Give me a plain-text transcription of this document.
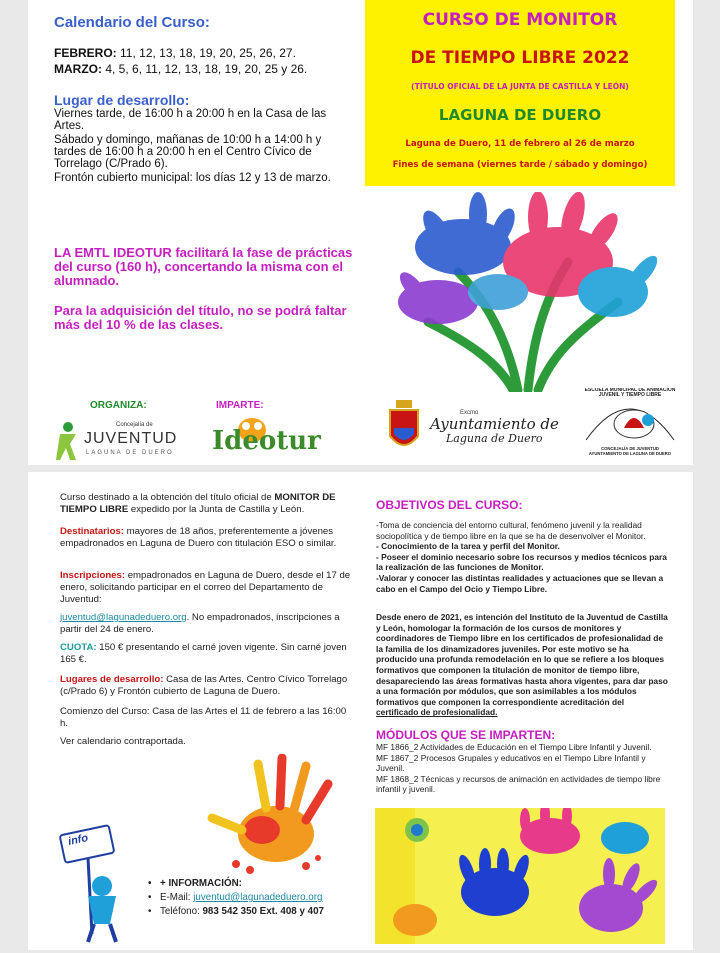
Calendario del Curso:
FEBRERO: 11, 12, 13, 18, 19, 20, 25, 26, 27.
MARZO: 4, 5, 6, 11, 12, 13, 18, 19, 20, 25 y 26.
Lugar de desarrollo:
Viernes tarde, de 16:00 h a 20:00 h en la Casa de las Artes.
Sábado y domingo, mañanas de 10:00 h a 14:00 h y tardes de 16:00 h a 20:00 h en el Centro Cívico de Torrelago (C/Prado 6).
Frontón cubierto municipal: los días 12 y 13 de marzo.
LA EMTL IDEOTUR facilitará la fase de prácticas del curso (160 h), concertando la misma con el alumnado.
Para la adquisición del título, no se podrá faltar más del 10 % de las clases.
CURSO DE MONITOR
DE TIEMPO LIBRE 2022
(TÍTULO OFICIAL DE LA JUNTA DE CASTILLA Y LEÓN)
LAGUNA DE DUERO
Laguna de Duero, 11 de febrero al 26 de marzo
Fines de semana (viernes tarde / sábado y domingo)
ORGANIZA:	IMPARTE:
Concejalía de
JUVENTUD
LAGUNA DE DUERO Ideotur
Excmo
Ayuntamiento de
Laguna de Duero
ESCUELA MUNICIPAL DE ANIMACIÓN JUVENIL Y TIEMPO LIBRE
CONCEJALÍA DE JUVENTUD
AYUNTAMIENTO DE LAGUNA DE DUERO
Curso destinado a la obtención del título oficial de MONITOR DE TIEMPO LIBRE expedido por la Junta de Castilla y León.
Destinatarios: mayores de 18 años, preferentemente a jóvenes empadronados en Laguna de Duero con titulación ESO o similar.
Inscripciones: empadronados en Laguna de Duero, desde el 17 de enero, solicitando participar en el correo del Departamento de Juventud:
juventud@lagunadeduero.org. No empadronados, inscripciones a partir del 24 de enero.
CUOTA: 150 € presentando el carné joven vigente. Sin carné joven 165 €.
Lugares de desarrollo: Casa de las Artes. Centro Cívico Torrelago (c/Prado 6) y Frontón cubierto de Laguna de Duero.
Comienzo del Curso: Casa de las Artes el 11 de febrero a las 16:00 h.
Ver calendario contraportada.
info
• + INFORMACIÓN:
• E-Mail: juventud@lagunadeduero.org
• Teléfono: 983 542 350 Ext. 408 y 407
OBJETIVOS DEL CURSO:
-Toma de conciencia del entorno cultural, fenómeno juvenil y la realidad sociopolítica y de tiempo libre en la que se ha de desenvolver el Monitor.
- Conocimiento de la tarea y perfil del Monitor.
- Poseer el dominio necesario sobre los recursos y medios técnicos para la realización de las funciones de Monitor.
-Valorar y conocer las distintas realidades y actuaciones que se llevan a cabo en el Campo del Ocio y Tiempo Libre.
Desde enero de 2021, es intención del Instituto de la Juventud de Castilla y León, homologar la formación de los cursos de monitores y coordinadores de Tiempo libre en los certificados de profesionalidad de la familia de los dinamizadores juveniles. Por este motivo se ha producido una profunda remodelación en lo que se refiere a los bloques formativos que componen la titulación de monitor de tiempo libre, desapareciendo las áreas formativas hasta ahora vigentes, para dar paso a una formación por módulos, que son asimilables a los módulos formativos que componen la correspondiente acreditación del certificado de profesionalidad.
MÓDULOS QUE SE IMPARTEN:
MF 1866_2 Actividades de Educación en el Tiempo Libre Infantil y Juvenil.
MF 1867_2 Procesos Grupales y educativos en el Tiempo Libre Infantil y Juvenil.
MF 1868_2 Técnicas y recursos de animación en actividades de tiempo libre infantil y juvenil.
